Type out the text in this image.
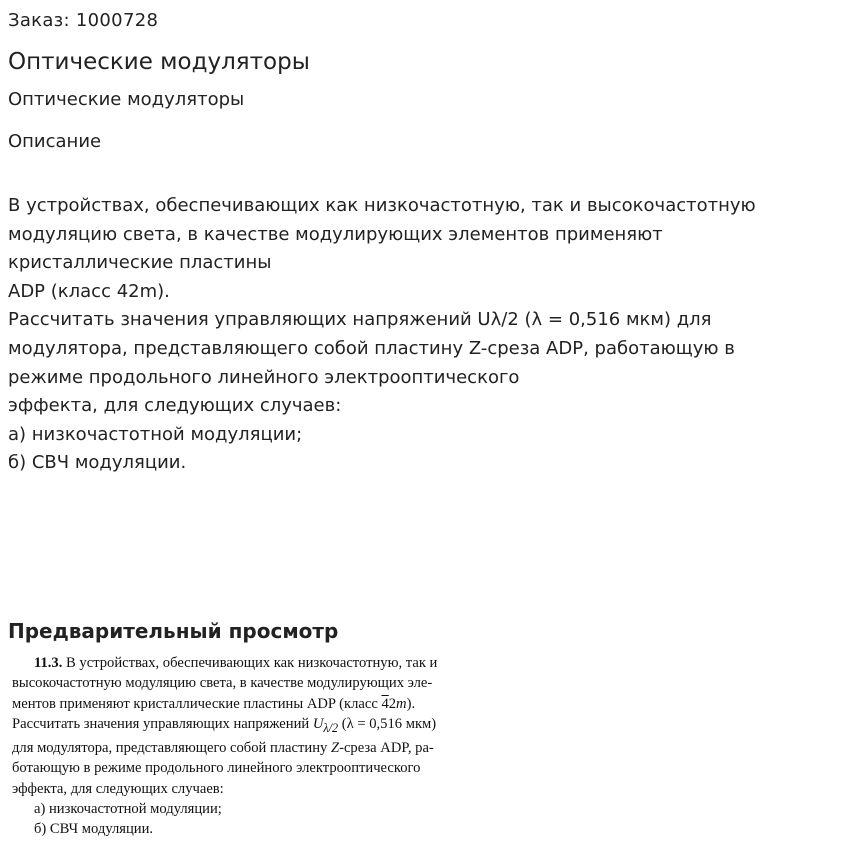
Заказ: 1000728
Оптические модуляторы
Оптические модуляторы
Описание
В устройствах, обеспечивающих как низкочастотную, так и высокочастотную
модуляцию света, в качестве модулирующих элементов применяют
кристаллические пластины
ADP (класс 42m).
Рассчитать значения управляющих напряжений Uλ/2 (λ = 0,516 мкм) для
модулятора, представляющего собой пластину Z-среза ADP, работающую в
режиме продольного линейного электрооптического
эффекта, для следующих случаев:
а) низкочастотной модуляции;
б) СВЧ модуляции.
Предварительный просмотр
11.3. В устройствах, обеспечивающих как низкочастотную, так и
высокочастотную модуляцию света, в качестве модулирующих эле-
ментов применяют кристаллические пластины ADP (класс 42m).
Рассчитать значения управляющих напряжений $U_{\lambda/2}$ (λ = 0,516 мкм)
для модулятора, представляющего собой пластину Z-среза ADP, ра-
ботающую в режиме продольного линейного электрооптического
эффекта, для следующих случаев:
а) низкочастотной модуляции;
б) СВЧ модуляции.
